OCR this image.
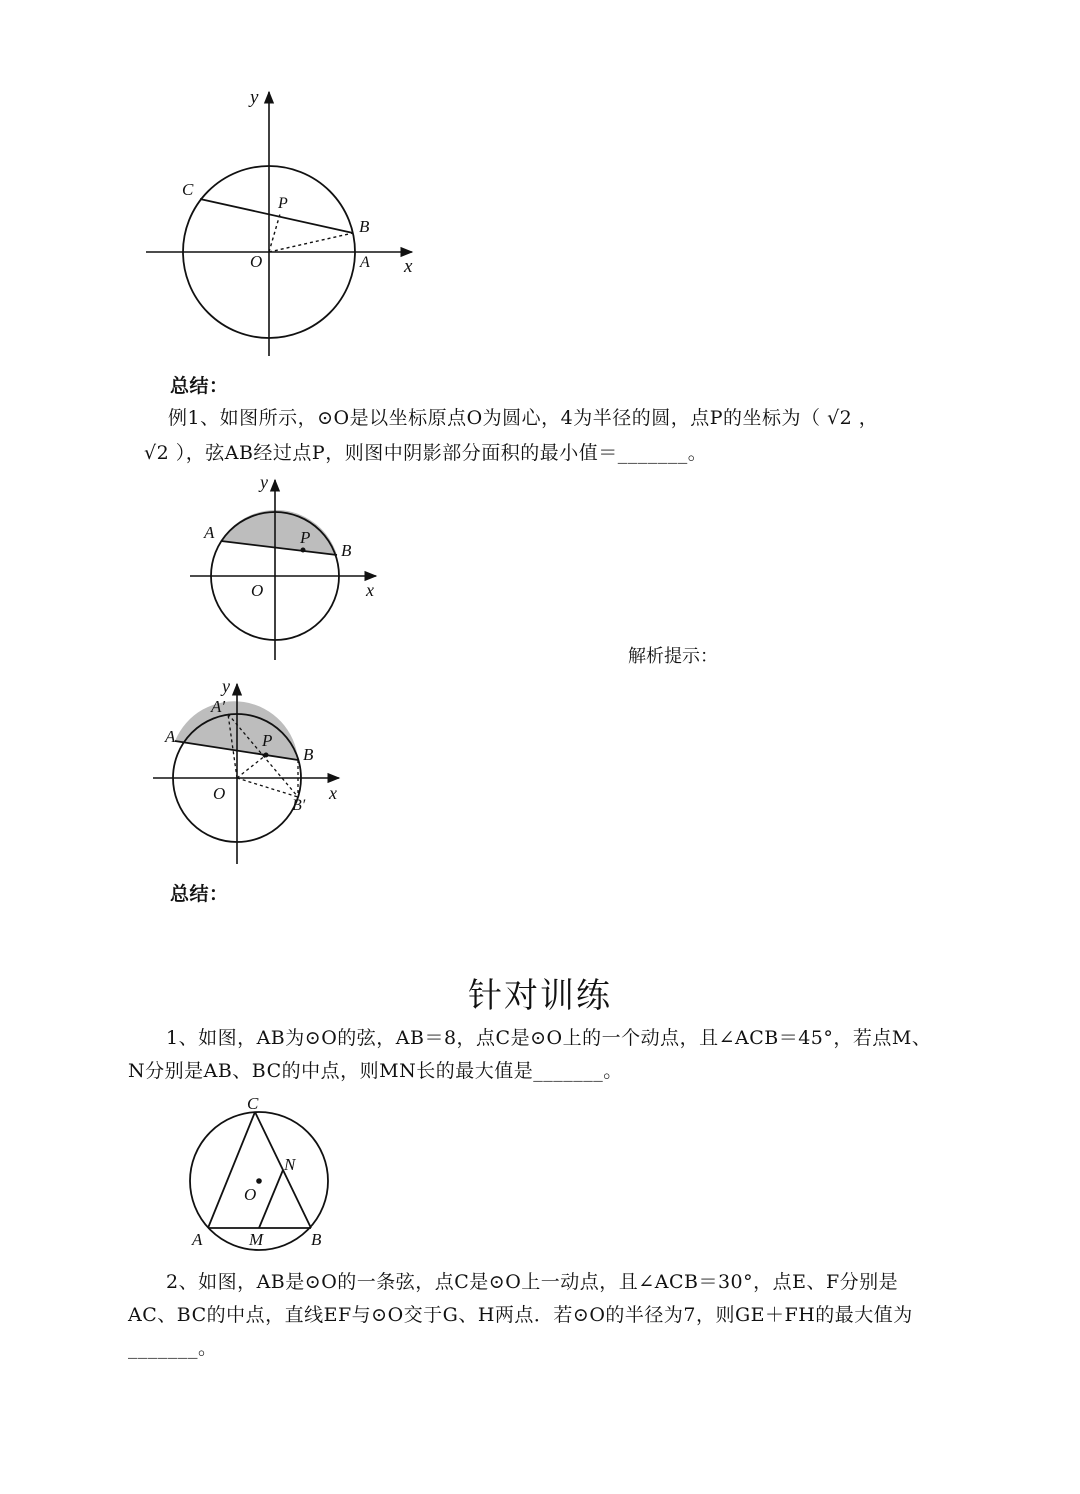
y
x
C
P
B
O	A
总结：
例1、如图所示，⊙O是以坐标原点O为圆心，4为半径的圆，点P的坐标为（ √2 ，
√2 ），弦AB经过点P，则图中阴影部分面积的最小值＝_______。
y
x
A	P
B
O
解析提示：
y
x
A′
A	P
B
O
B′
总结：
针对训练
1、如图，AB为⊙O的弦，AB＝8，点C是⊙O上的一个动点，且∠ACB＝45°，若点M、
N分别是AB、BC的中点，则MN长的最大值是_______。
C
N
O
A	M	B
2、如图，AB是⊙O的一条弦，点C是⊙O上一动点，且∠ACB＝30°，点E、F分别是
AC、BC的中点，直线EF与⊙O交于G、H两点．若⊙O的半径为7，则GE＋FH的最大值为
_______。
